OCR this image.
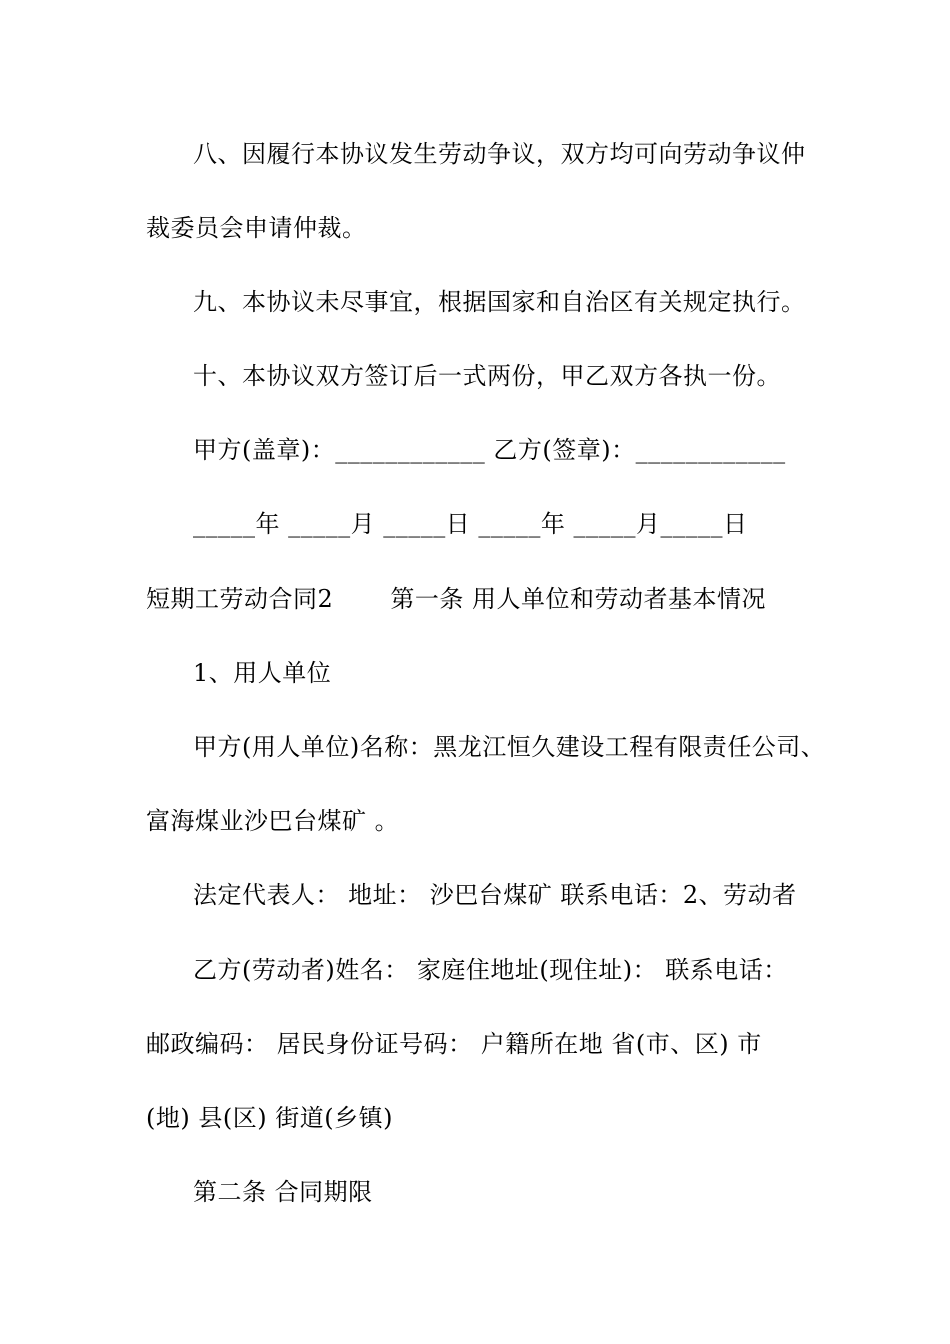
八、因履行本协议发生劳动争议，双方均可向劳动争议仲
裁委员会申请仲裁。
九、本协议未尽事宜，根据国家和自治区有关规定执行。
十、本协议双方签订后一式两份，甲乙双方各执一份。
甲方(盖章)：____________ 乙方(签章)：____________
_____年 _____月 _____日 _____年 _____月_____日
短期工劳动合同2　　 第一条 用人单位和劳动者基本情况
1、用人单位
甲方(用人单位)名称：黑龙江恒久建设工程有限责任公司、
富海煤业沙巴台煤矿 。
法定代表人： 地址： 沙巴台煤矿 联系电话：2、劳动者
乙方(劳动者)姓名： 家庭住地址(现住址)： 联系电话：
邮政编码： 居民身份证号码： 户籍所在地 省(市、区) 市
(地) 县(区) 街道(乡镇)
第二条 合同期限
